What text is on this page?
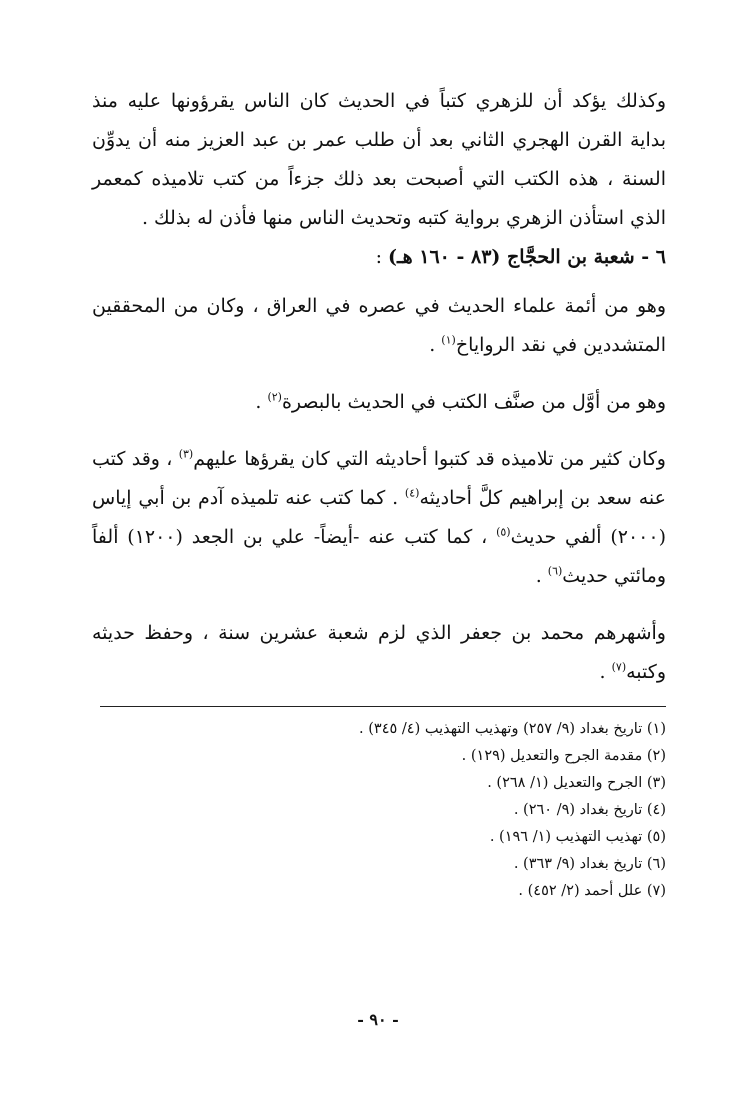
وكذلك يؤكد أن للزهري كتباً في الحديث كان الناس يقرؤونها عليه منذ بداية القرن الهجري الثاني بعد أن طلب عمر بن عبد العزيز منه أن يدوِّن السنة ، هذه الكتب التي أصبحت بعد ذلك جزءاً من كتب تلاميذه كمعمر الذي استأذن الزهري برواية كتبه وتحديث الناس منها فأذن له بذلك .

٦ - شعبة بن الحجَّاج (٨٣ - ١٦٠ هـ) :

وهو من أئمة علماء الحديث في عصره في العراق ، وكان من المحققين المتشددين في نقد الرواياخ$^{(١)}$ .

وهو من أوَّل من صنَّف الكتب في الحديث بالبصرة$^{(٢)}$ .

وكان كثير من تلاميذه قد كتبوا أحاديثه التي كان يقرؤها عليهم$^{(٣)}$ ، وقد كتب عنه سعد بن إبراهيم كلَّ أحاديثه$^{(٤)}$ . كما كتب عنه تلميذه آدم بن أبي إياس (٢٠٠٠) ألفي حديث$^{(٥)}$ ، كما كتب عنه -أيضاً- علي بن الجعد (١٢٠٠) ألفاً ومائتي حديث$^{(٦)}$ .

وأشهرهم محمد بن جعفر الذي لزم شعبة عشرين سنة ، وحفظ حديثه وكتبه$^{(٧)}$ .

(١) تاريخ بغداد (٩/ ٢٥٧) وتهذيب التهذيب (٤/ ٣٤٥) .
(٢) مقدمة الجرح والتعديل (١٢٩) .
(٣) الجرح والتعديل (١/ ٢٦٨) .
(٤) تاريخ بغداد (٩/ ٢٦٠) .
(٥) تهذيب التهذيب (١/ ١٩٦) .
(٦) تاريخ بغداد (٩/ ٣٦٣) .
(٧) علل أحمد (٢/ ٤٥٢) .
- ٩٠ -
